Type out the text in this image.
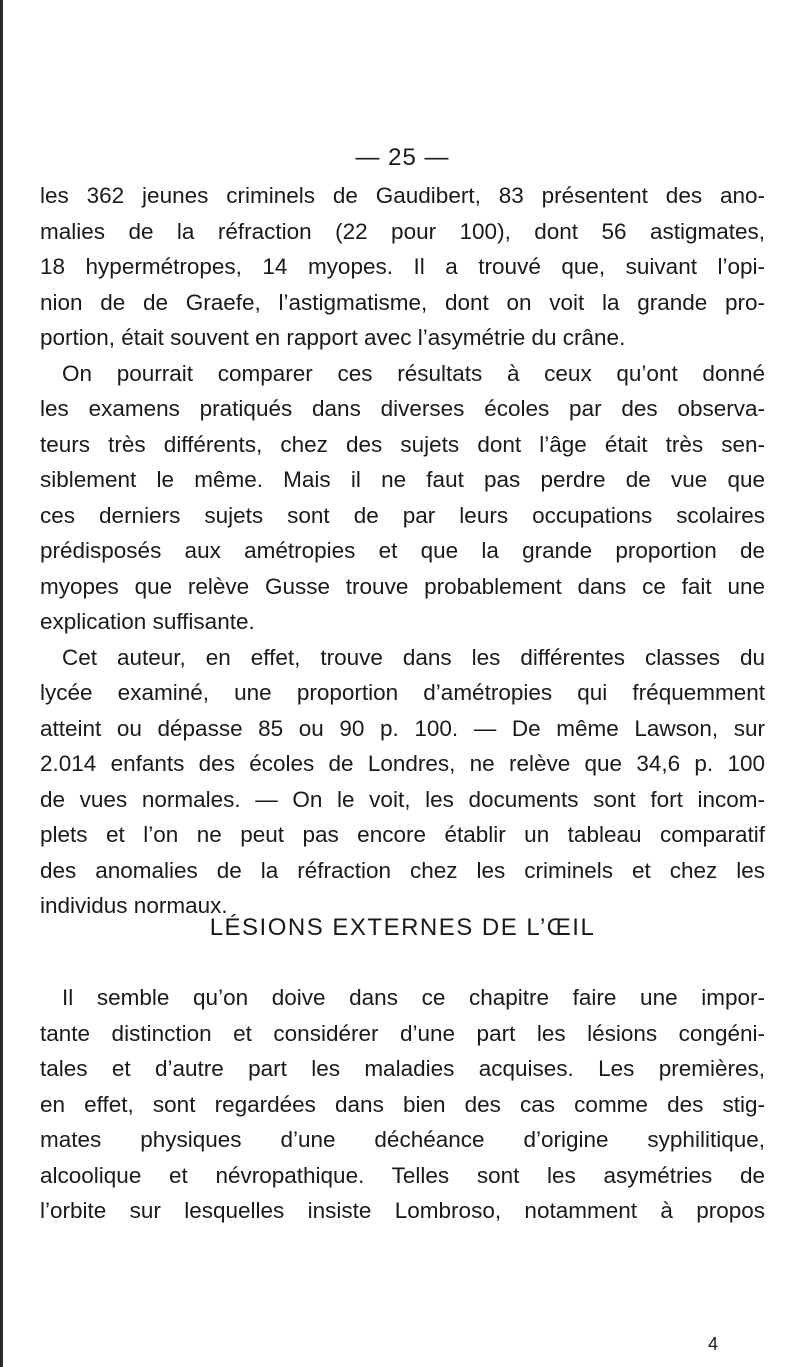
— 25 —
les 362 jeunes criminels de Gaudibert, 83 présentent des ano-
malies de la réfraction (22 pour 100), dont 56 astigmates,
18 hypermétropes, 14 myopes. Il a trouvé que, suivant l’opi-
nion de de Graefe, l’astigmatisme, dont on voit la grande pro-
portion, était souvent en rapport avec l’asymétrie du crâne.
On pourrait comparer ces résultats à ceux qu’ont donné
les examens pratiqués dans diverses écoles par des observa-
teurs très différents, chez des sujets dont l’âge était très sen-
siblement le même. Mais il ne faut pas perdre de vue que
ces derniers sujets sont de par leurs occupations scolaires
prédisposés aux amétropies et que la grande proportion de
myopes que relève Gusse trouve probablement dans ce fait une
explication suffisante.
Cet auteur, en effet, trouve dans les différentes classes du
lycée examiné, une proportion d’amétropies qui fréquemment
atteint ou dépasse 85 ou 90 p. 100. — De même Lawson, sur
2.014 enfants des écoles de Londres, ne relève que 34,6 p. 100
de vues normales. — On le voit, les documents sont fort incom-
plets et l’on ne peut pas encore établir un tableau comparatif
des anomalies de la réfraction chez les criminels et chez les
individus normaux.
LÉSIONS EXTERNES DE L’ŒIL
Il semble qu’on doive dans ce chapitre faire une impor-
tante distinction et considérer d’une part les lésions congéni-
tales et d’autre part les maladies acquises. Les premières,
en effet, sont regardées dans bien des cas comme des stig-
mates physiques d’une déchéance d’origine syphilitique,
alcoolique et névropathique. Telles sont les asymétries de
l’orbite sur lesquelles insiste Lombroso, notamment à propos
4
